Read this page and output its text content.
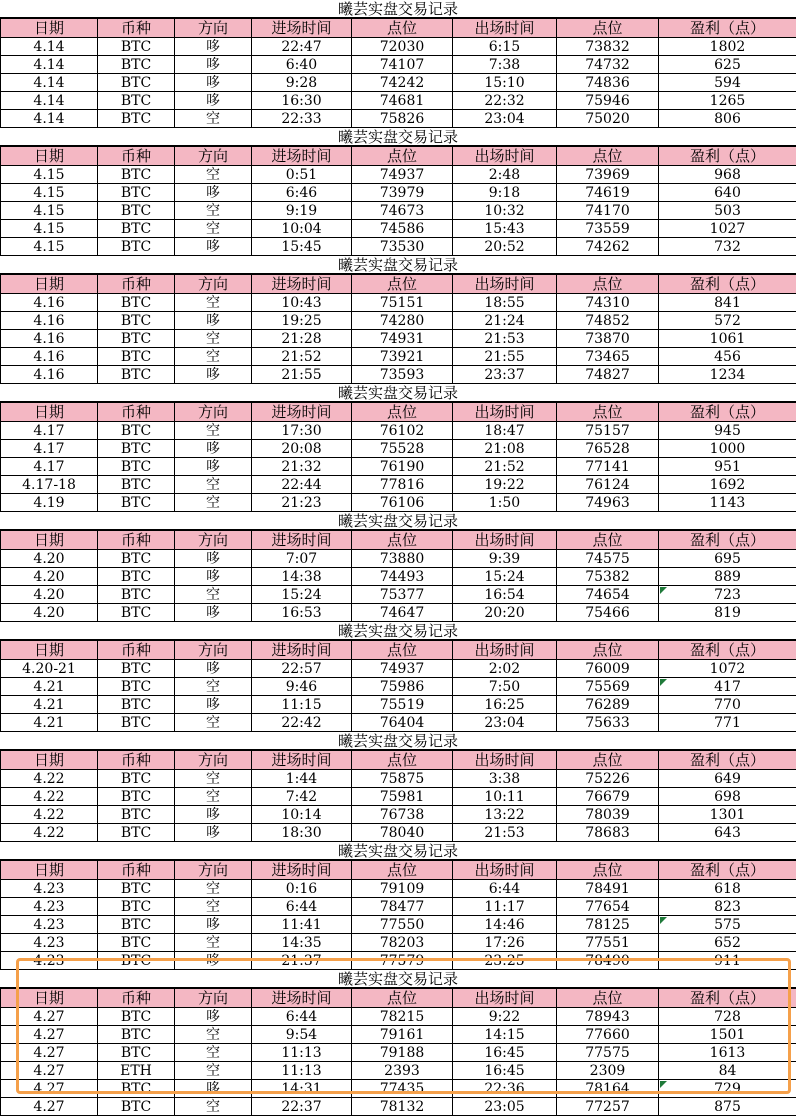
曦芸实盘交易记录
日期	币种	方向	进场时间	点位	出场时间	点位	盈利（点）
4.14	BTC	哆	22:47	72030	6:15	73832	1802
4.14	BTC	哆	6:40	74107	7:38	74732	625
4.14	BTC	哆	9:28	74242	15:10	74836	594
4.14	BTC	哆	16:30	74681	22:32	75946	1265
4.14	BTC	空	22:33	75826	23:04	75020	806
曦芸实盘交易记录
日期	币种	方向	进场时间	点位	出场时间	点位	盈利（点）
4.15	BTC	空	0:51	74937	2:48	73969	968
4.15	BTC	哆	6:46	73979	9:18	74619	640
4.15	BTC	空	9:19	74673	10:32	74170	503
4.15	BTC	空	10:04	74586	15:43	73559	1027
4.15	BTC	哆	15:45	73530	20:52	74262	732
曦芸实盘交易记录
日期	币种	方向	进场时间	点位	出场时间	点位	盈利（点）
4.16	BTC	空	10:43	75151	18:55	74310	841
4.16	BTC	哆	19:25	74280	21:24	74852	572
4.16	BTC	空	21:28	74931	21:53	73870	1061
4.16	BTC	空	21:52	73921	21:55	73465	456
4.16	BTC	哆	21:55	73593	23:37	74827	1234
曦芸实盘交易记录
日期	币种	方向	进场时间	点位	出场时间	点位	盈利（点）
4.17	BTC	空	17:30	76102	18:47	75157	945
4.17	BTC	哆	20:08	75528	21:08	76528	1000
4.17	BTC	哆	21:32	76190	21:52	77141	951
4.17-18	BTC	空	22:44	77816	19:22	76124	1692
4.19	BTC	空	21:23	76106	1:50	74963	1143
曦芸实盘交易记录
日期	币种	方向	进场时间	点位	出场时间	点位	盈利（点）
4.20	BTC	哆	7:07	73880	9:39	74575	695
4.20	BTC	哆	14:38	74493	15:24	75382	889
4.20	BTC	空	15:24	75377	16:54	74654	723
4.20	BTC	哆	16:53	74647	20:20	75466	819
曦芸实盘交易记录
日期	币种	方向	进场时间	点位	出场时间	点位	盈利（点）
4.20-21	BTC	哆	22:57	74937	2:02	76009	1072
4.21	BTC	空	9:46	75986	7:50	75569	417
4.21	BTC	哆	11:15	75519	16:25	76289	770
4.21	BTC	空	22:42	76404	23:04	75633	771
曦芸实盘交易记录
日期	币种	方向	进场时间	点位	出场时间	点位	盈利（点）
4.22	BTC	空	1:44	75875	3:38	75226	649
4.22	BTC	空	7:42	75981	10:11	76679	698
4.22	BTC	哆	10:14	76738	13:22	78039	1301
4.22	BTC	哆	18:30	78040	21:53	78683	643
曦芸实盘交易记录
日期	币种	方向	进场时间	点位	出场时间	点位	盈利（点）
4.23	BTC	空	0:16	79109	6:44	78491	618
4.23	BTC	空	6:44	78477	11:17	77654	823
4.23	BTC	哆	11:41	77550	14:46	78125	575
4.23	BTC	空	14:35	78203	17:26	77551	652
4.23	BTC	哆	21:37	77579	23:25	78490	911
曦芸实盘交易记录
日期	币种	方向	进场时间	点位	出场时间	点位	盈利（点）
4.27	BTC	哆	6:44	78215	9:22	78943	728
4.27	BTC	空	9:54	79161	14:15	77660	1501
4.27	BTC	空	11:13	79188	16:45	77575	1613
4.27	ETH	空	11:13	2393	16:45	2309	84
4.27	BTC	哆	14:31	77435	22:36	78164	729
4.27	BTC	空	22:37	78132	23:05	77257	875
